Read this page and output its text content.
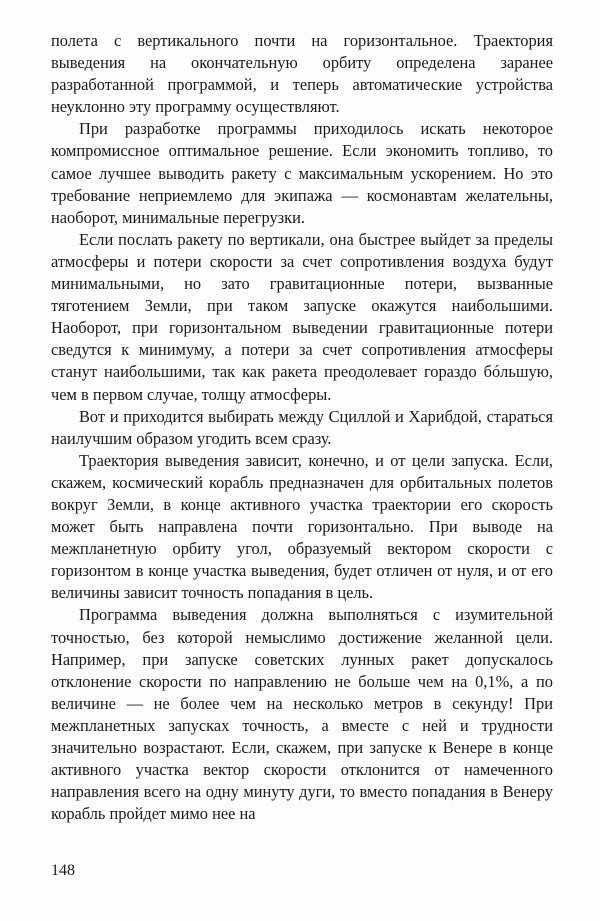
полета с вертикального почти на горизонтальное. Траектория выведения на окончательную орбиту определена заранее разработанной программой, и теперь автоматические устройства неуклонно эту программу осуществляют.

При разработке программы приходилось искать некоторое компромиссное оптимальное решение. Если экономить топливо, то самое лучшее выводить ракету с максимальным ускорением. Но это требование неприемлемо для экипажа — космонавтам желательны, наоборот, минимальные перегрузки.

Если послать ракету по вертикали, она быстрее выйдет за пределы атмосферы и потери скорости за счет сопротивления воздуха будут минимальными, но зато гравитационные потери, вызванные тяготением Земли, при таком запуске окажутся наибольшими. Наоборот, при горизонтальном выведении гравитационные потери сведутся к минимуму, а потери за счет сопротивления атмосферы станут наибольшими, так как ракета преодолевает гораздо бóльшую, чем в первом случае, толщу атмосферы.

Вот и приходится выбирать между Сциллой и Харибдой, стараться наилучшим образом угодить всем сразу.

Траектория выведения зависит, конечно, и от цели запуска. Если, скажем, космический корабль предназначен для орбитальных полетов вокруг Земли, в конце активного участка траектории его скорость может быть направлена почти горизонтально. При выводе на межпланетную орбиту угол, образуемый вектором скорости с горизонтом в конце участка выведения, будет отличен от нуля, и от его величины зависит точность попадания в цель.

Программа выведения должна выполняться с изумительной точностью, без которой немыслимо достижение желанной цели. Например, при запуске советских лунных ракет допускалось отклонение скорости по направлению не больше чем на 0,1%, а по величине — не более чем на несколько метров в секунду! При межпланетных запусках точность, а вместе с ней и трудности значительно возрастают. Если, скажем, при запуске к Венере в конце активного участка вектор скорости отклонится от намеченного направления всего на одну минуту дуги, то вместо попадания в Венеру корабль пройдет мимо нее на

148
